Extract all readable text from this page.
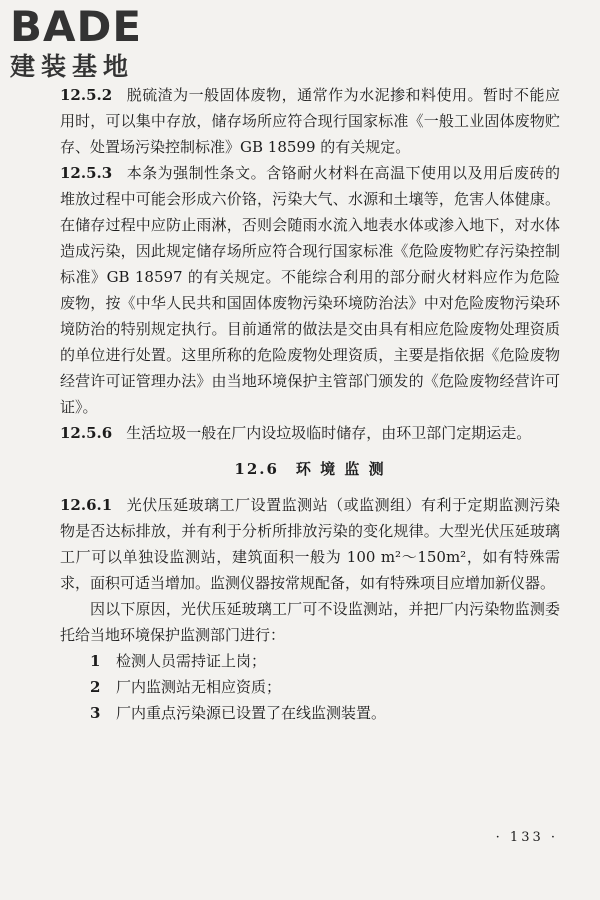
BADE
建装基地

12.5.2 脱硫渣为一般固体废物，通常作为水泥掺和料使用。暂时不能应用时，可以集中存放，储存场所应符合现行国家标准《一般工业固体废物贮存、处置场污染控制标准》GB 18599 的有关规定。

12.5.3 本条为强制性条文。含铬耐火材料在高温下使用以及用后废砖的堆放过程中可能会形成六价铬，污染大气、水源和土壤等，危害人体健康。在储存过程中应防止雨淋，否则会随雨水流入地表水体或渗入地下，对水体造成污染，因此规定储存场所应符合现行国家标准《危险废物贮存污染控制标准》GB 18597 的有关规定。不能综合利用的部分耐火材料应作为危险废物，按《中华人民共和国固体废物污染环境防治法》中对危险废物污染环境防治的特别规定执行。目前通常的做法是交由具有相应危险废物处理资质的单位进行处置。这里所称的危险废物处理资质，主要是指依据《危险废物经营许可证管理办法》由当地环境保护主管部门颁发的《危险废物经营许可证》。

12.5.6 生活垃圾一般在厂内设垃圾临时储存，由环卫部门定期运走。

12.6　环 境 监 测

12.6.1 光伏压延玻璃工厂设置监测站（或监测组）有利于定期监测污染物是否达标排放，并有利于分析所排放污染的变化规律。大型光伏压延玻璃工厂可以单独设监测站，建筑面积一般为 100 m²～150m²，如有特殊需求，面积可适当增加。监测仪器按常规配备，如有特殊项目应增加新仪器。

因以下原因，光伏压延玻璃工厂可不设监测站，并把厂内污染物监测委托给当地环境保护监测部门进行：

1 检测人员需持证上岗；
2 厂内监测站无相应资质；
3 厂内重点污染源已设置了在线监测装置。
· 133 ·
